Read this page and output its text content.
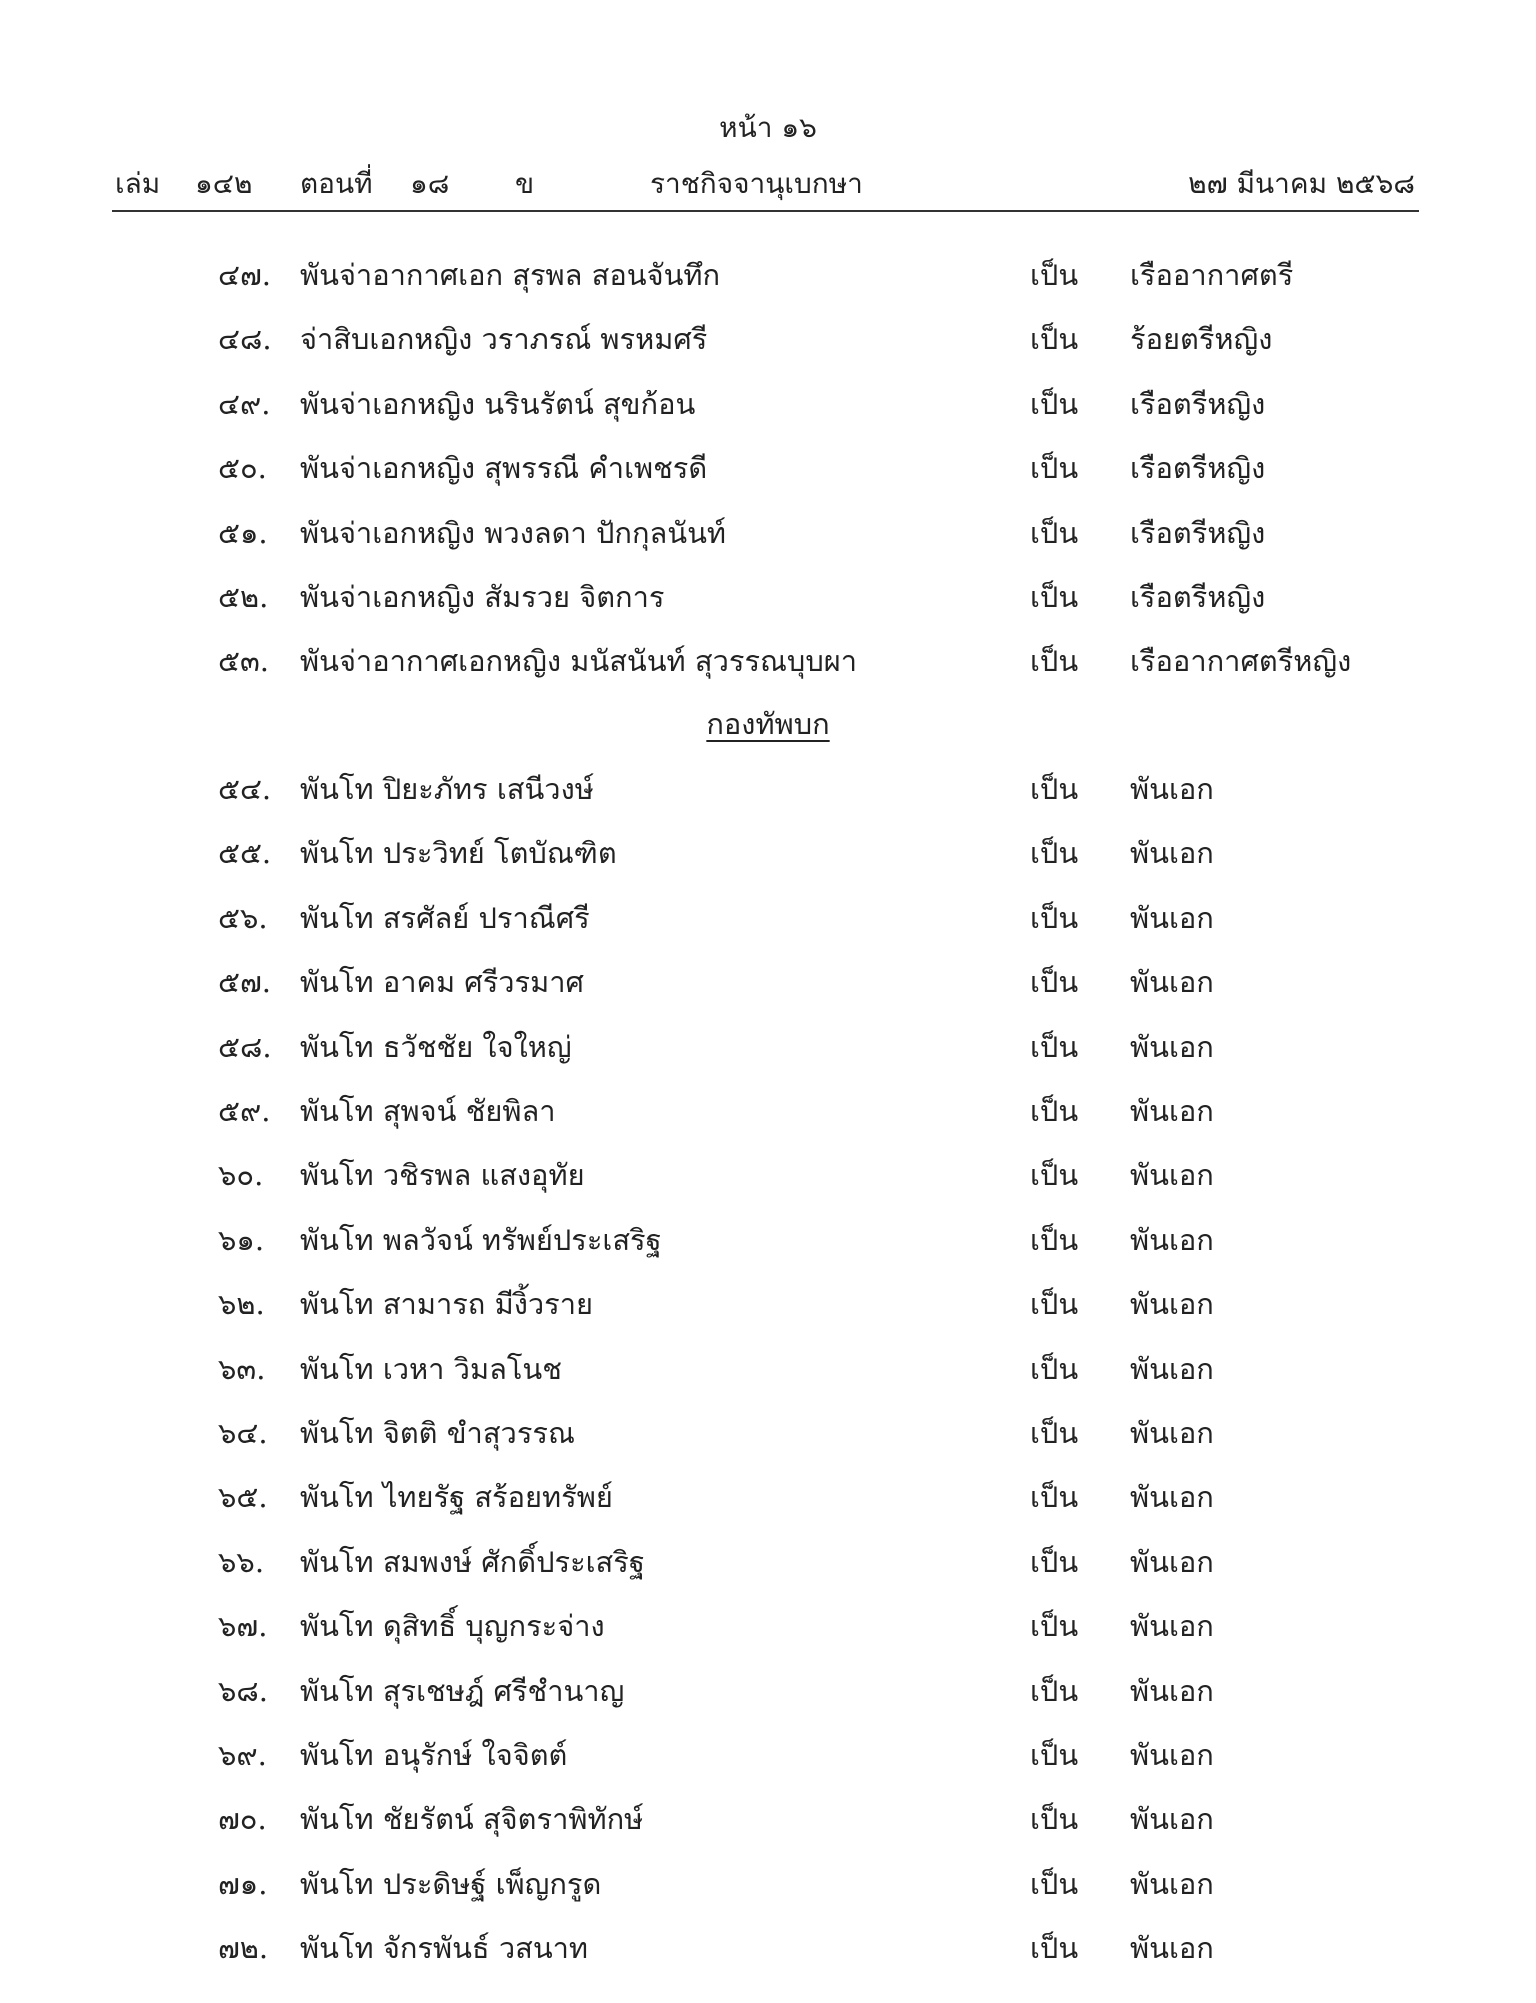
หน้า ๑๖
เล่ม ๑๔๒ ตอนที่ ๑๘ ข	ราชกิจจานุเบกษา	๒๗ มีนาคม ๒๕๖๘
๔๗.	พันจ่าอากาศเอก สุรพล สอนจันทึก	เป็น เรืออากาศตรี
๔๘. จ่าสิบเอกหญิง วราภรณ์ พรหมศรี	เป็น ร้อยตรีหญิง
๔๙.	พันจ่าเอกหญิง นรินรัตน์ สุขก้อน	เป็น เรือตรีหญิง
๕๐.	พันจ่าเอกหญิง สุพรรณี คำเพชรดี	เป็น เรือตรีหญิง
๕๑.	พันจ่าเอกหญิง พวงลดา ปักกุลนันท์	เป็น เรือตรีหญิง
๕๒.	พันจ่าเอกหญิง สัมรวย จิตการ	เป็น เรือตรีหญิง
๕๓.	พันจ่าอากาศเอกหญิง มนัสนันท์ สุวรรณบุบผา	เป็น เรืออากาศตรีหญิง
กองทัพบก
๕๔. พันโท ปิยะภัทร เสนีวงษ์	เป็น พันเอก
๕๕. พันโท ประวิทย์ โตบัณฑิต	เป็น พันเอก
๕๖.	พันโท สรศัลย์ ปราณีศรี	เป็น พันเอก
๕๗.	พันโท อาคม ศรีวรมาศ	เป็น พันเอก
๕๘. พันโท ธวัชชัย ใจใหญ่	เป็น พันเอก
๕๙.	พันโท สุพจน์ ชัยพิลา	เป็น พันเอก
๖๐.	พันโท วชิรพล แสงอุทัย	เป็น พันเอก
๖๑.	พันโท พลวัจน์ ทรัพย์ประเสริฐ	เป็น พันเอก
๖๒.	พันโท สามารถ มีงิ้วราย	เป็น พันเอก
๖๓.	พันโท เวหา วิมลโนช	เป็น พันเอก
๖๔.	พันโท จิตติ ขำสุวรรณ	เป็น พันเอก
๖๕.	พันโท ไทยรัฐ สร้อยทรัพย์	เป็น พันเอก
๖๖.	พันโท สมพงษ์ ศักดิ์ประเสริฐ	เป็น พันเอก
๖๗.	พันโท ดุสิทธิ์ บุญกระจ่าง	เป็น พันเอก
๖๘.	พันโท สุรเชษฎ์ ศรีชำนาญ	เป็น พันเอก
๖๙.	พันโท อนุรักษ์ ใจจิตต์	เป็น พันเอก
๗๐.	พันโท ชัยรัตน์ สุจิตราพิทักษ์	เป็น พันเอก
๗๑.	พันโท ประดิษฐ์ เพ็ญกรูด	เป็น พันเอก
๗๒.	พันโท จักรพันธ์ วสนาท	เป็น พันเอก
